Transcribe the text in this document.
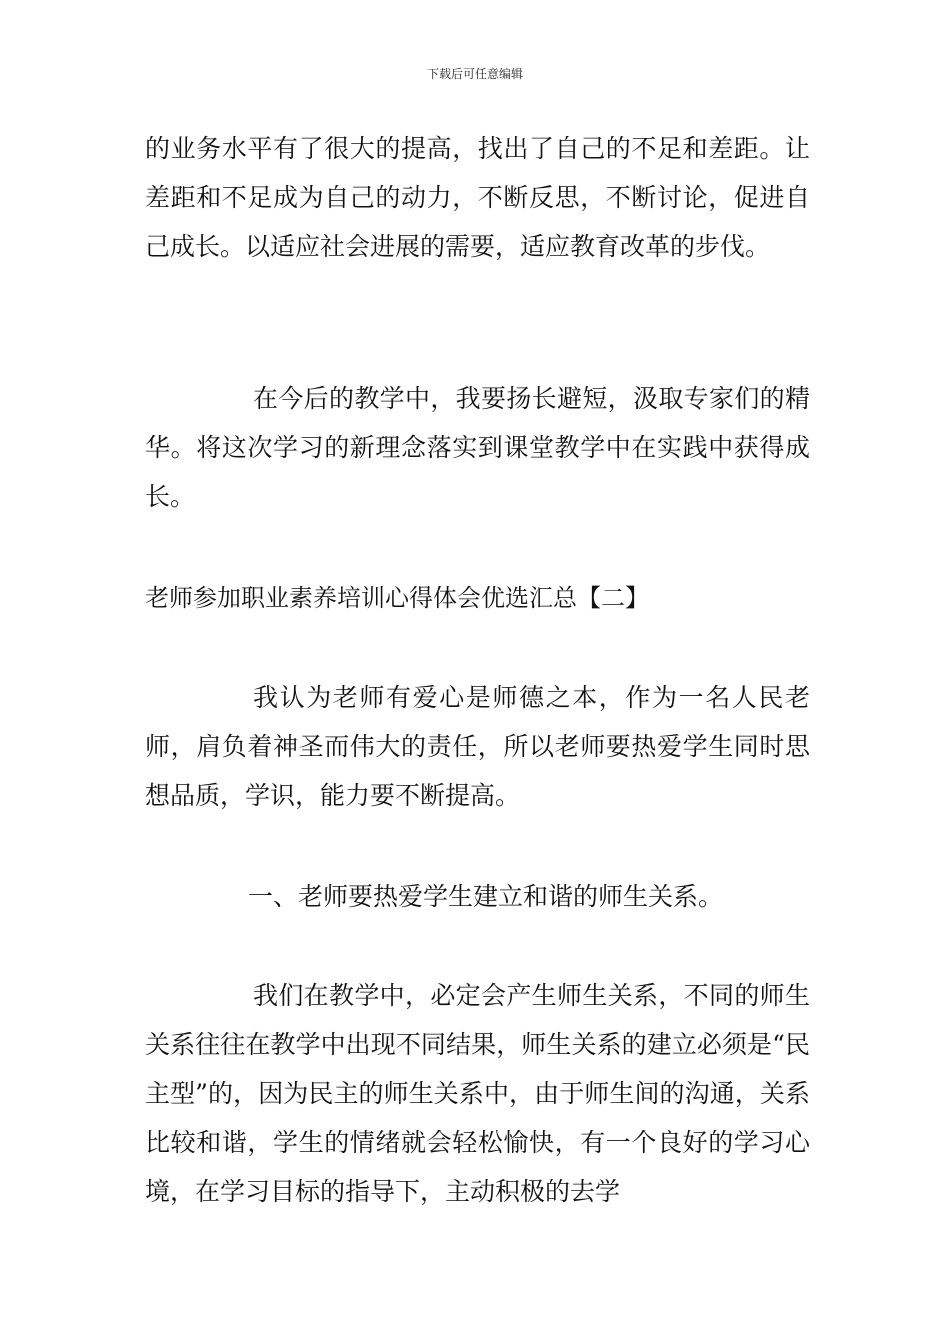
下载后可任意编辑

的业务水平有了很大的提高，找出了自己的不足和差距。让差距和不足成为自己的动力，不断反思，不断讨论，促进自己成长。以适应社会进展的需要，适应教育改革的步伐。

在今后的教学中，我要扬长避短，汲取专家们的精华。将这次学习的新理念落实到课堂教学中在实践中获得成长。

老师参加职业素养培训心得体会优选汇总【二】

我认为老师有爱心是师德之本，作为一名人民老师，肩负着神圣而伟大的责任，所以老师要热爱学生同时思想品质，学识，能力要不断提高。

一、老师要热爱学生建立和谐的师生关系。

我们在教学中，必定会产生师生关系，不同的师生关系往往在教学中出现不同结果，师生关系的建立必须是“民主型”的，因为民主的师生关系中，由于师生间的沟通，关系比较和谐，学生的情绪就会轻松愉快，有一个良好的学习心境，在学习目标的指导下，主动积极的去学
